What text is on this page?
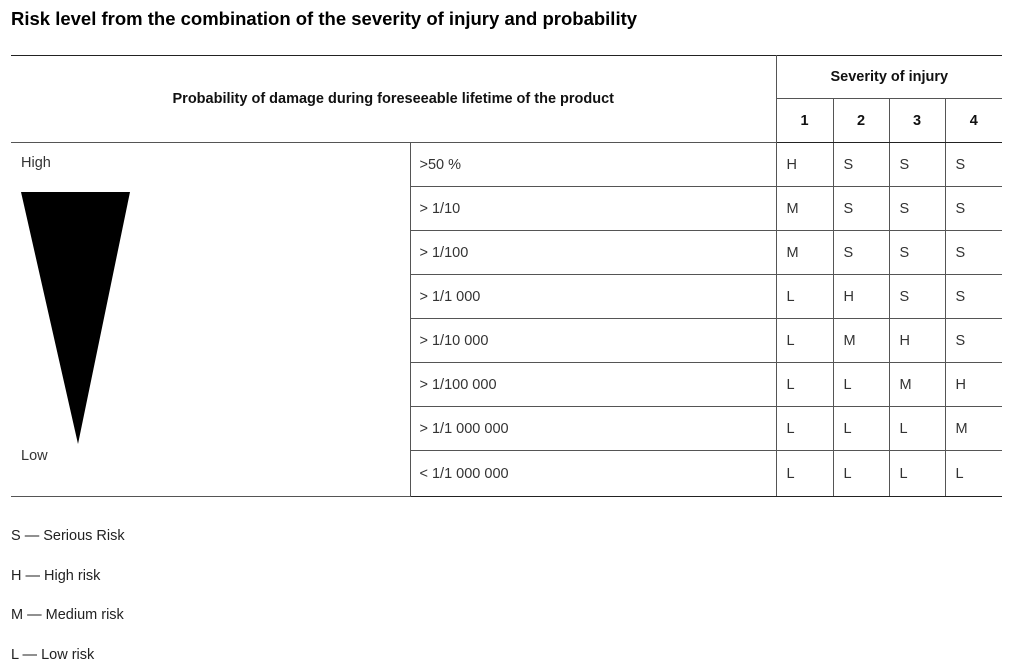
Risk level from the combination of the severity of injury and probability
Probability of damage during foreseeable lifetime of the product		Severity of injury			
		1	2	3	4

High
Low	>50 %	H	S	S	S
	> 1/10	M	S	S	S
	> 1/100	M	S	S	S
	> 1/1 000	L	H	S	S
	> 1/10 000	L	M	H	S
	> 1/100 000	L	L	M	H
	> 1/1 000 000	L	L	L	M
	< 1/1 000 000	L	L	L	L
S — Serious Risk
H — High risk
M — Medium risk
L — Low risk
